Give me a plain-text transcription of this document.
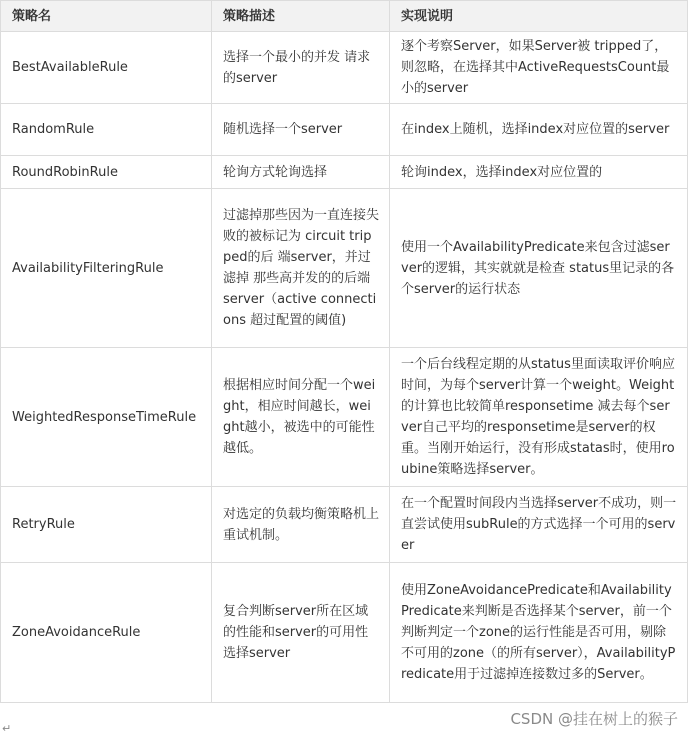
策略名	策略描述	实现说明
BestAvailableRule	选择一个最小的并发 请求的server	逐个考察Server，如果Server被 tripped了，则忽略，在选择其中ActiveRequestsCount最小的server
RandomRule	随机选择一个server	在index上随机，选择index对应位置的server
RoundRobinRule	轮询方式轮询选择	轮询index，选择index对应位置的
AvailabilityFilteringRule	过滤掉那些因为一直连接失败的被标记为 circuit tripped的后 端server，并过滤掉 那些高并发的的后端 server（active connections 超过配置的阈值)	使用一个AvailabilityPredicate来包含过滤server的逻辑，其实就就是检查 status里记录的各个server的运行状态
WeightedResponseTimeRule	根据相应时间分配一个weight，相应时间越长，weight越小，被选中的可能性越低。	一个后台线程定期的从status里面读取评价响应时间，为每个server计算一个weight。Weight的计算也比较简单responsetime 减去每个server自己平均的responsetime是server的权重。当刚开始运行，没有形成statas时，使用roubine策略选择server。
RetryRule	对选定的负载均衡策略机上重试机制。	在一个配置时间段内当选择server不成功，则一直尝试使用subRule的方式选择一个可用的server
ZoneAvoidanceRule	复合判断server所在区域的性能和server的可用性选择server	使用ZoneAvoidancePredicate和AvailabilityPredicate来判断是否选择某个server，前一个判断判定一个zone的运行性能是否可用，剔除不可用的zone（的所有server），AvailabilityPredicate用于过滤掉连接数过多的Server。
↵
CSDN @挂在树上的猴子
